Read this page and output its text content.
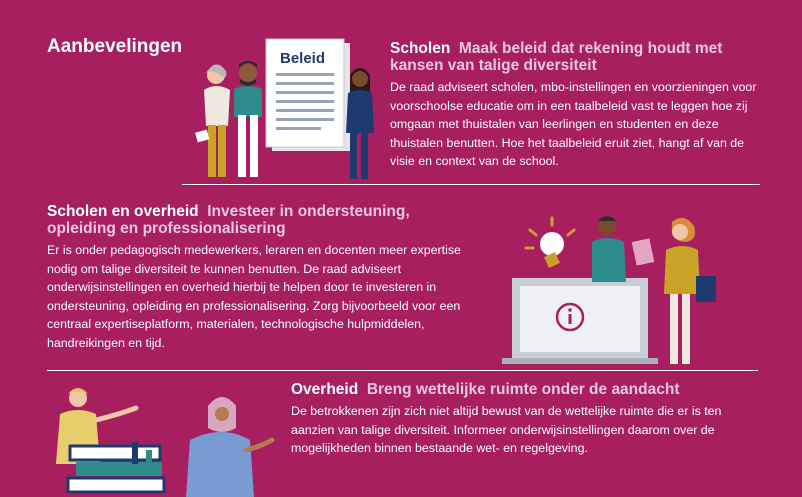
Aanbevelingen	Scholen Maak beleid dat rekening houdt met kansen van talige diversiteit

De raad adviseert scholen, mbo-instellingen en voorzieningen voor voorschoolse educatie om in een taalbeleid vast te leggen hoe zij omgaan met thuistalen van leerlingen en studenten en deze thuistalen benutten. Hoe het taalbeleid eruit ziet, hangt af van de visie en context van de school.

Beleid
Scholen en overheid Investeer in ondersteuning, opleiding en professionalisering

Er is onder pedagogisch medewerkers, leraren en docenten meer expertise nodig om talige diversiteit te kunnen benutten. De raad adviseert onderwijsinstellingen en overheid hierbij te helpen door te investeren in ondersteuning, opleiding en professionalisering. Zorg bijvoorbeeld voor een centraal expertiseplatform, materialen, technologische hulpmiddelen, handreikingen en tijd.

Overheid Breng wettelijke ruimte onder de aandacht

De betrokkenen zijn zich niet altijd bewust van de wettelijke ruimte die er is ten aanzien van talige diversiteit. Informeer onderwijsinstellingen daarom over de mogelijkheden binnen bestaande wet- en regelgeving.
